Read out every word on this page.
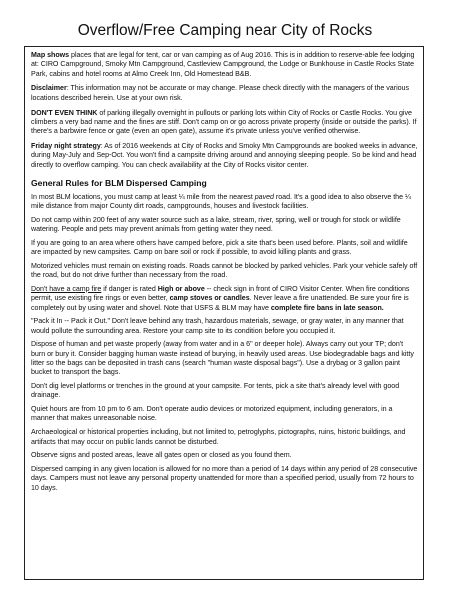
Overflow/Free Camping near City of Rocks

Map shows places that are legal for tent, car or van camping as of Aug 2016. This is in addition to reserve-able fee lodging at: CIRO Campground, Smoky Mtn Campground, Castleview Campground, the Lodge or Bunkhouse in Castle Rocks State Park, cabins and hotel rooms at Almo Creek Inn, Old Homestead B&B.

Disclaimer: This information may not be accurate or may change. Please check directly with the managers of the various locations described herein. Use at your own risk.

DON'T EVEN THINK of parking illegally overnight in pullouts or parking lots within City of Rocks or Castle Rocks. You give climbers a very bad name and the fines are stiff. Don't camp on or go across private property (inside or outside the parks). If there's a barbwire fence or gate (even an open gate), assume it's private unless you've verified otherwise.

Friday night strategy: As of 2016 weekends at City of Rocks and Smoky Mtn Campgrounds are booked weeks in advance, during May-July and Sep-Oct. You won't find a campsite driving around and annoying sleeping people. So be kind and head directly to overflow camping. You can check availability at the City of Rocks visitor center.

General Rules for BLM Dispersed Camping

In most BLM locations, you must camp at least ¼ mile from the nearest paved road. It's a good idea to also observe the ¼ mile distance from major County dirt roads, campgrounds, houses and livestock facilities.

Do not camp within 200 feet of any water source such as a lake, stream, river, spring, well or trough for stock or wildlife watering. People and pets may prevent animals from getting water they need.

If you are going to an area where others have camped before, pick a site that's been used before. Plants, soil and wildlife are impacted by new campsites. Camp on bare soil or rock if possible, to avoid killing plants and grass.

Motorized vehicles must remain on existing roads. Roads cannot be blocked by parked vehicles. Park your vehicle safely off the road, but do not drive further than necessary from the road.

Don't have a camp fire if danger is rated High or above -- check sign in front of CIRO Visitor Center. When fire conditions permit, use existing fire rings or even better, camp stoves or candles. Never leave a fire unattended. Be sure your fire is completely out by using water and shovel. Note that USFS & BLM may have complete fire bans in late season.

"Pack it In -- Pack it Out." Don't leave behind any trash, hazardous materials, sewage, or gray water, in any manner that would pollute the surrounding area. Restore your camp site to its condition before you occupied it.

Dispose of human and pet waste properly (away from water and in a 6" or deeper hole). Always carry out your TP; don't burn or bury it. Consider bagging human waste instead of burying, in heavily used areas. Use biodegradable bags and kitty litter so the bags can be deposited in trash cans (search "human waste disposal bags"). Use a drybag or 3 gallon paint bucket to transport the bags.

Don't dig level platforms or trenches in the ground at your campsite. For tents, pick a site that's already level with good drainage.

Quiet hours are from 10 pm to 6 am. Don't operate audio devices or motorized equipment, including generators, in a manner that makes unreasonable noise.

Archaeological or historical properties including, but not limited to, petroglyphs, pictographs, ruins, historic buildings, and artifacts that may occur on public lands cannot be disturbed.

Observe signs and posted areas, leave all gates open or closed as you found them.

Dispersed camping in any given location is allowed for no more than a period of 14 days within any period of 28 consecutive days. Campers must not leave any personal property unattended for more than a specified period, usually from 72 hours to 10 days.
